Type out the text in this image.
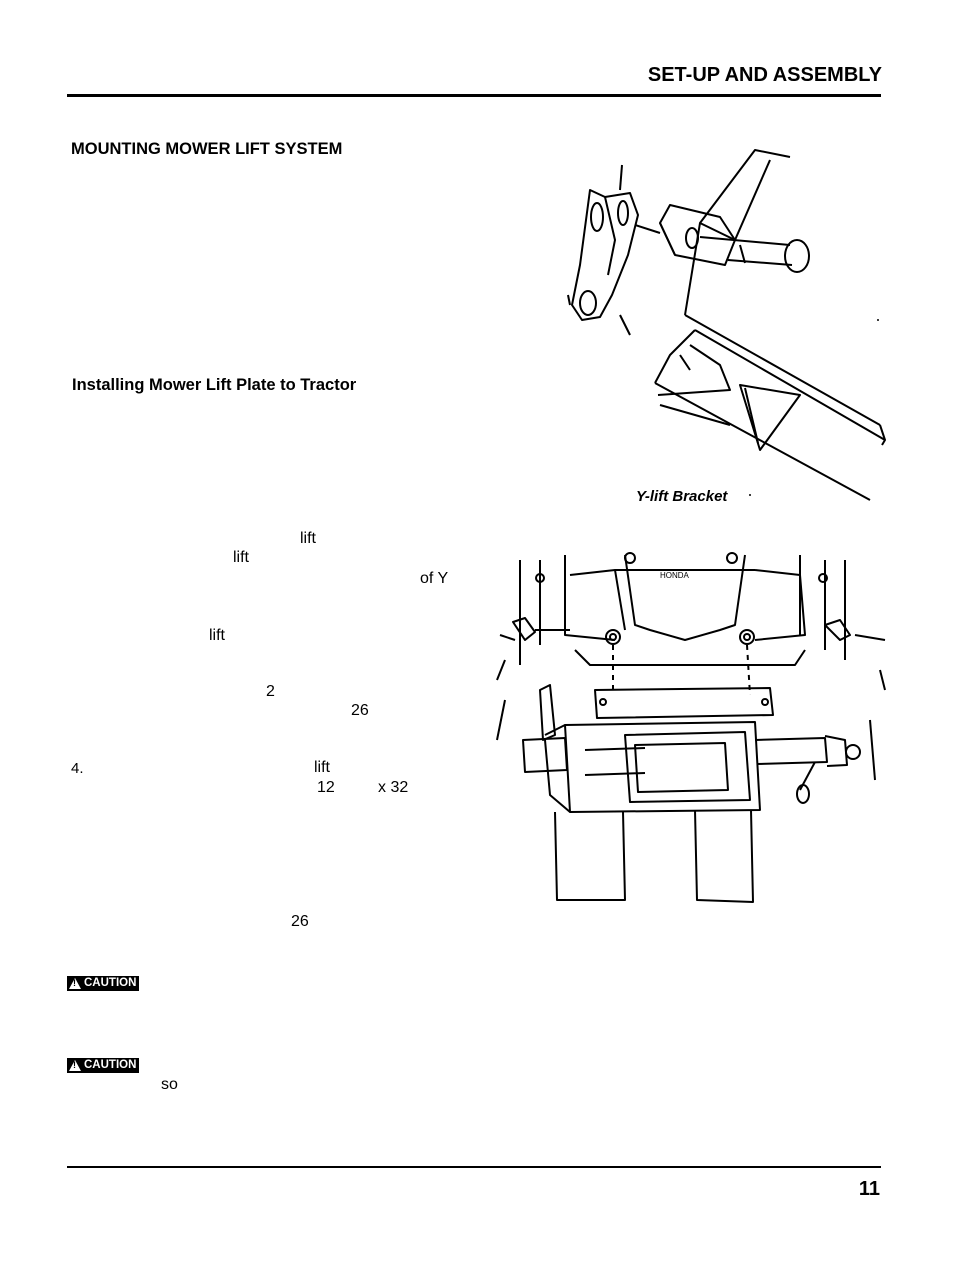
SET-UP AND ASSEMBLY
MOUNTING MOWER LIFT SYSTEM
Installing Mower Lift Plate to Tractor
lift
lift
of Y
lift
2
26
4.	lift
12	x 32
26
so
!
CAUTION
!
CAUTION
Y-lift Bracket
HONDA
11
